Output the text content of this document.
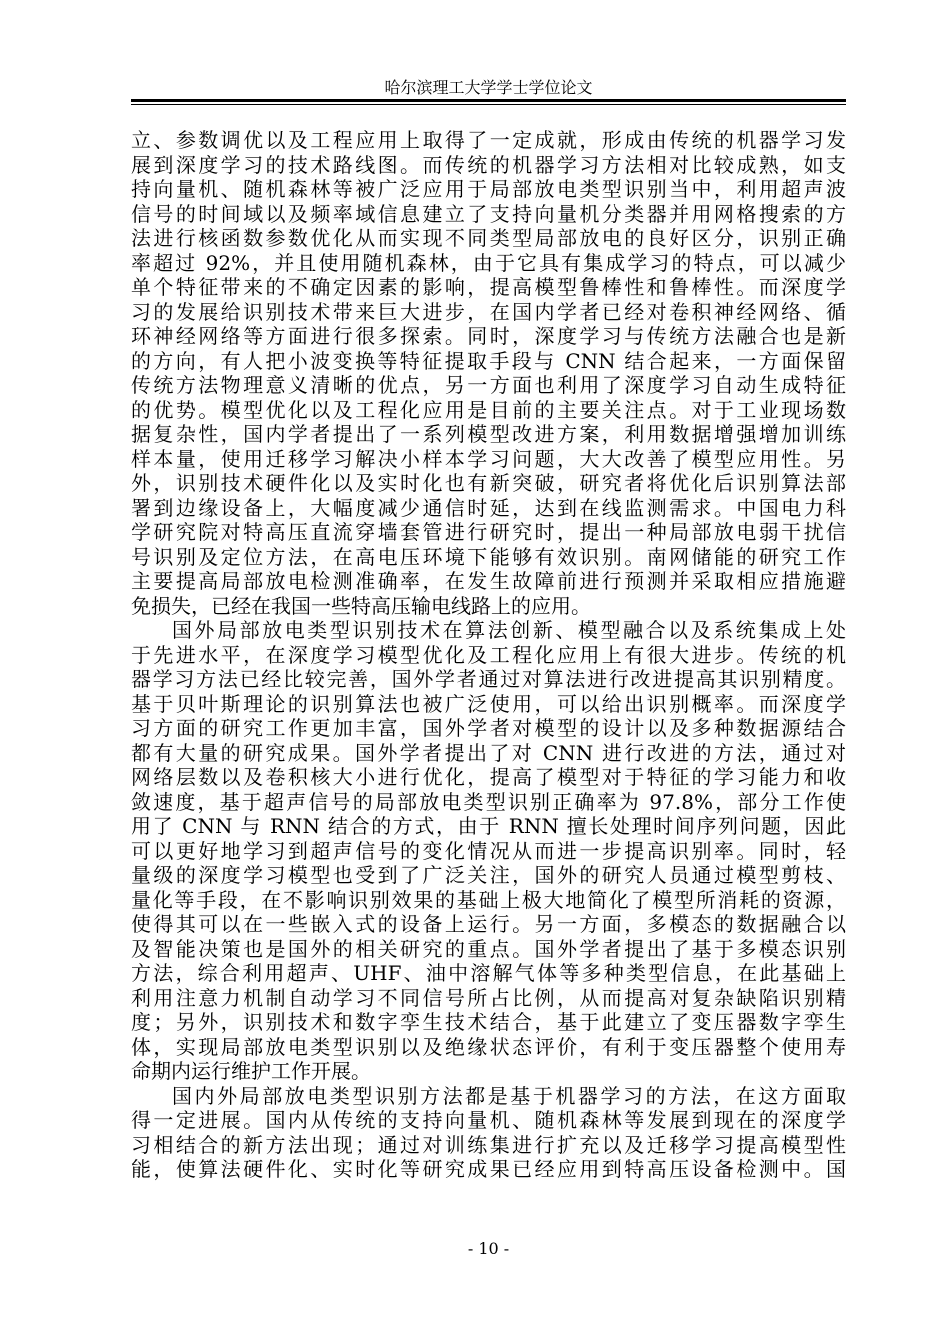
哈尔滨理工大学学士学位论文
立、参数调优以及工程应用上取得了一定成就，形成由传统的机器学习发
展到深度学习的技术路线图。而传统的机器学习方法相对比较成熟，如支
持向量机、随机森林等被广泛应用于局部放电类型识别当中，利用超声波
信号的时间域以及频率域信息建立了支持向量机分类器并用网格搜索的方
法进行核函数参数优化从而实现不同类型局部放电的良好区分，识别正确
率超过 92%，并且使用随机森林，由于它具有集成学习的特点，可以减少
单个特征带来的不确定因素的影响，提高模型鲁棒性和鲁棒性。而深度学
习的发展给识别技术带来巨大进步，在国内学者已经对卷积神经网络、循
环神经网络等方面进行很多探索。同时，深度学习与传统方法融合也是新
的方向，有人把小波变换等特征提取手段与 CNN 结合起来，一方面保留
传统方法物理意义清晰的优点，另一方面也利用了深度学习自动生成特征
的优势。模型优化以及工程化应用是目前的主要关注点。对于工业现场数
据复杂性，国内学者提出了一系列模型改进方案，利用数据增强增加训练
样本量，使用迁移学习解决小样本学习问题，大大改善了模型应用性。另
外，识别技术硬件化以及实时化也有新突破，研究者将优化后识别算法部
署到边缘设备上，大幅度减少通信时延，达到在线监测需求。中国电力科
学研究院对特高压直流穿墙套管进行研究时，提出一种局部放电弱干扰信
号识别及定位方法，在高电压环境下能够有效识别。南网储能的研究工作
主要提高局部放电检测准确率，在发生故障前进行预测并采取相应措施避
免损失，已经在我国一些特高压输电线路上的应用。
国外局部放电类型识别技术在算法创新、模型融合以及系统集成上处
于先进水平，在深度学习模型优化及工程化应用上有很大进步。传统的机
器学习方法已经比较完善，国外学者通过对算法进行改进提高其识别精度。
基于贝叶斯理论的识别算法也被广泛使用，可以给出识别概率。而深度学
习方面的研究工作更加丰富，国外学者对模型的设计以及多种数据源结合
都有大量的研究成果。国外学者提出了对 CNN 进行改进的方法，通过对
网络层数以及卷积核大小进行优化，提高了模型对于特征的学习能力和收
敛速度，基于超声信号的局部放电类型识别正确率为 97.8%，部分工作使
用了 CNN 与 RNN 结合的方式，由于 RNN 擅长处理时间序列问题，因此
可以更好地学习到超声信号的变化情况从而进一步提高识别率。同时，轻
量级的深度学习模型也受到了广泛关注，国外的研究人员通过模型剪枝、
量化等手段，在不影响识别效果的基础上极大地简化了模型所消耗的资源，
使得其可以在一些嵌入式的设备上运行。另一方面，多模态的数据融合以
及智能决策也是国外的相关研究的重点。国外学者提出了基于多模态识别
方法，综合利用超声、UHF、油中溶解气体等多种类型信息，在此基础上
利用注意力机制自动学习不同信号所占比例，从而提高对复杂缺陷识别精
度；另外，识别技术和数字孪生技术结合，基于此建立了变压器数字孪生
体，实现局部放电类型识别以及绝缘状态评价，有利于变压器整个使用寿
命期内运行维护工作开展。
国内外局部放电类型识别方法都是基于机器学习的方法，在这方面取
得一定进展。国内从传统的支持向量机、随机森林等发展到现在的深度学
习相结合的新方法出现；通过对训练集进行扩充以及迁移学习提高模型性
能，使算法硬件化、实时化等研究成果已经应用到特高压设备检测中。国
- 10 -
